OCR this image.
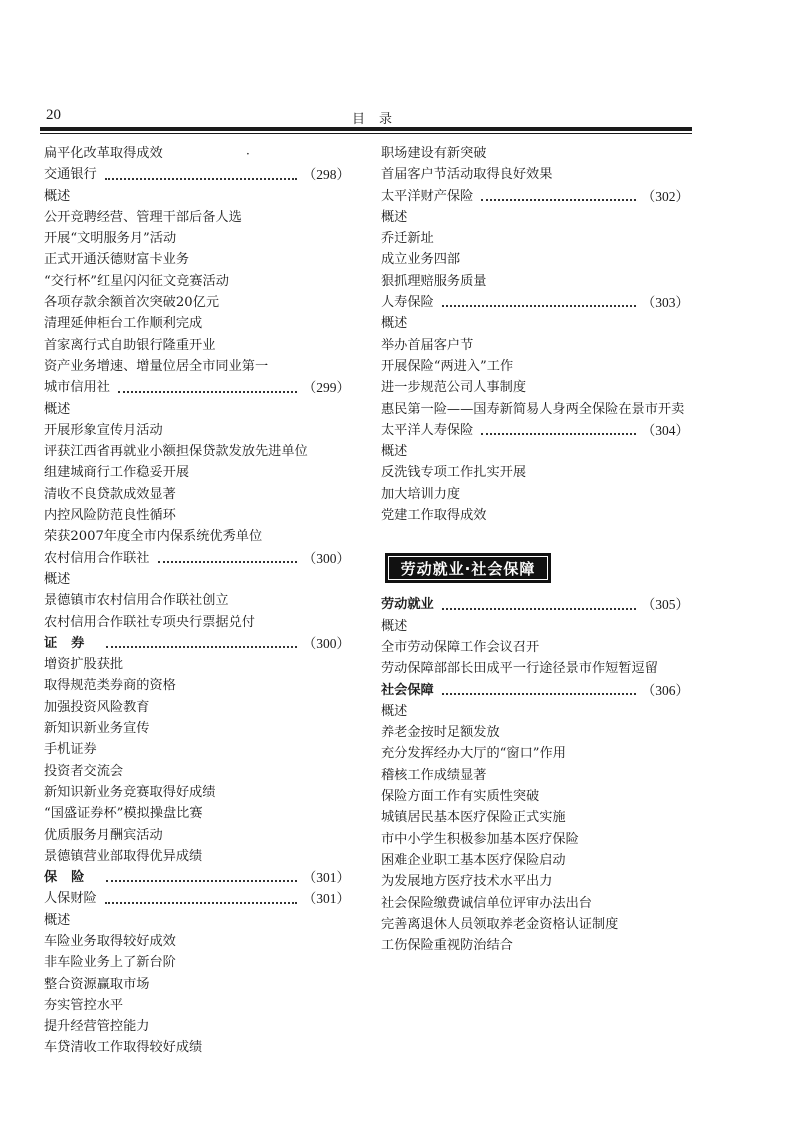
20	目录
·
扁平化改革取得成效
交通银行	（298）
概述
公开竞聘经营、管理干部后备人选
开展“文明服务月”活动
正式开通沃德财富卡业务
“交行杯”红星闪闪征文竞赛活动
各项存款余额首次突破20亿元
清理延伸柜台工作顺利完成
首家离行式自助银行隆重开业
资产业务增速、增量位居全市同业第一
城市信用社	（299）
概述
开展形象宣传月活动
评获江西省再就业小额担保贷款发放先进单位
组建城商行工作稳妥开展
清收不良贷款成效显著
内控风险防范良性循环
荣获2007年度全市内保系统优秀单位
农村信用合作联社	（300）
概述
景德镇市农村信用合作联社创立
农村信用合作联社专项央行票据兑付
证券	（300）
增资扩股获批
取得规范类券商的资格
加强投资风险教育
新知识新业务宣传
手机证券
投资者交流会
新知识新业务竞赛取得好成绩
“国盛证券杯”模拟操盘比赛
优质服务月酬宾活动
景德镇营业部取得优异成绩
保险	（301）
人保财险	（301）
概述
车险业务取得较好成效
非车险业务上了新台阶
整合资源赢取市场
夯实管控水平
提升经营管控能力
车贷清收工作取得较好成绩
职场建设有新突破
首届客户节活动取得良好效果
太平洋财产保险	（302）
概述
乔迁新址
成立业务四部
狠抓理赔服务质量
人寿保险	（303）
概述
举办首届客户节
开展保险“两进入”工作
进一步规范公司人事制度
惠民第一险——国寿新简易人身两全保险在景市开卖
太平洋人寿保险	（304）
概述
反洗钱专项工作扎实开展
加大培训力度
党建工作取得成效
劳动就业·社会保障
劳动就业	（305）
概述
全市劳动保障工作会议召开
劳动保障部部长田成平一行途径景市作短暂逗留
社会保障	（306）
概述
养老金按时足额发放
充分发挥经办大厅的“窗口”作用
稽核工作成绩显著
保险方面工作有实质性突破
城镇居民基本医疗保险正式实施
市中小学生积极参加基本医疗保险
困难企业职工基本医疗保险启动
为发展地方医疗技术水平出力
社会保险缴费诚信单位评审办法出台
完善离退休人员领取养老金资格认证制度
工伤保险重视防治结合
